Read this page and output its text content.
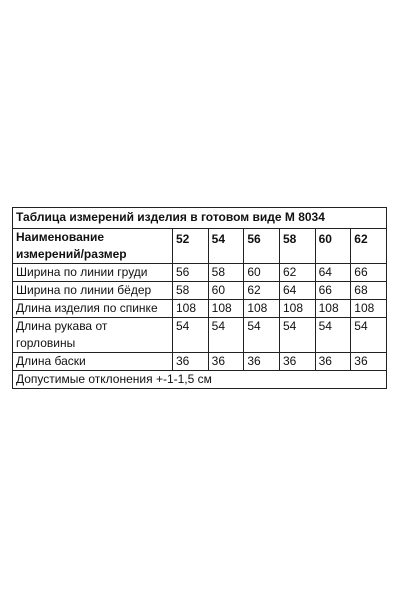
Таблица измерений изделия в готовом виде М 8034						

Наименование
измерений/размер	52	54	56	58	60	62
Ширина по линии груди	56	58	60	62	64	66
Ширина по линии бёдер	58	60	62	64	66	68
Длина изделия по спинке	108	108	108	108	108	108
Длина рукава от горловины	54	54	54	54	54	54
Длина баски	36	36	36	36	36	36
Допустимые отклонения +-1-1,5 см						
